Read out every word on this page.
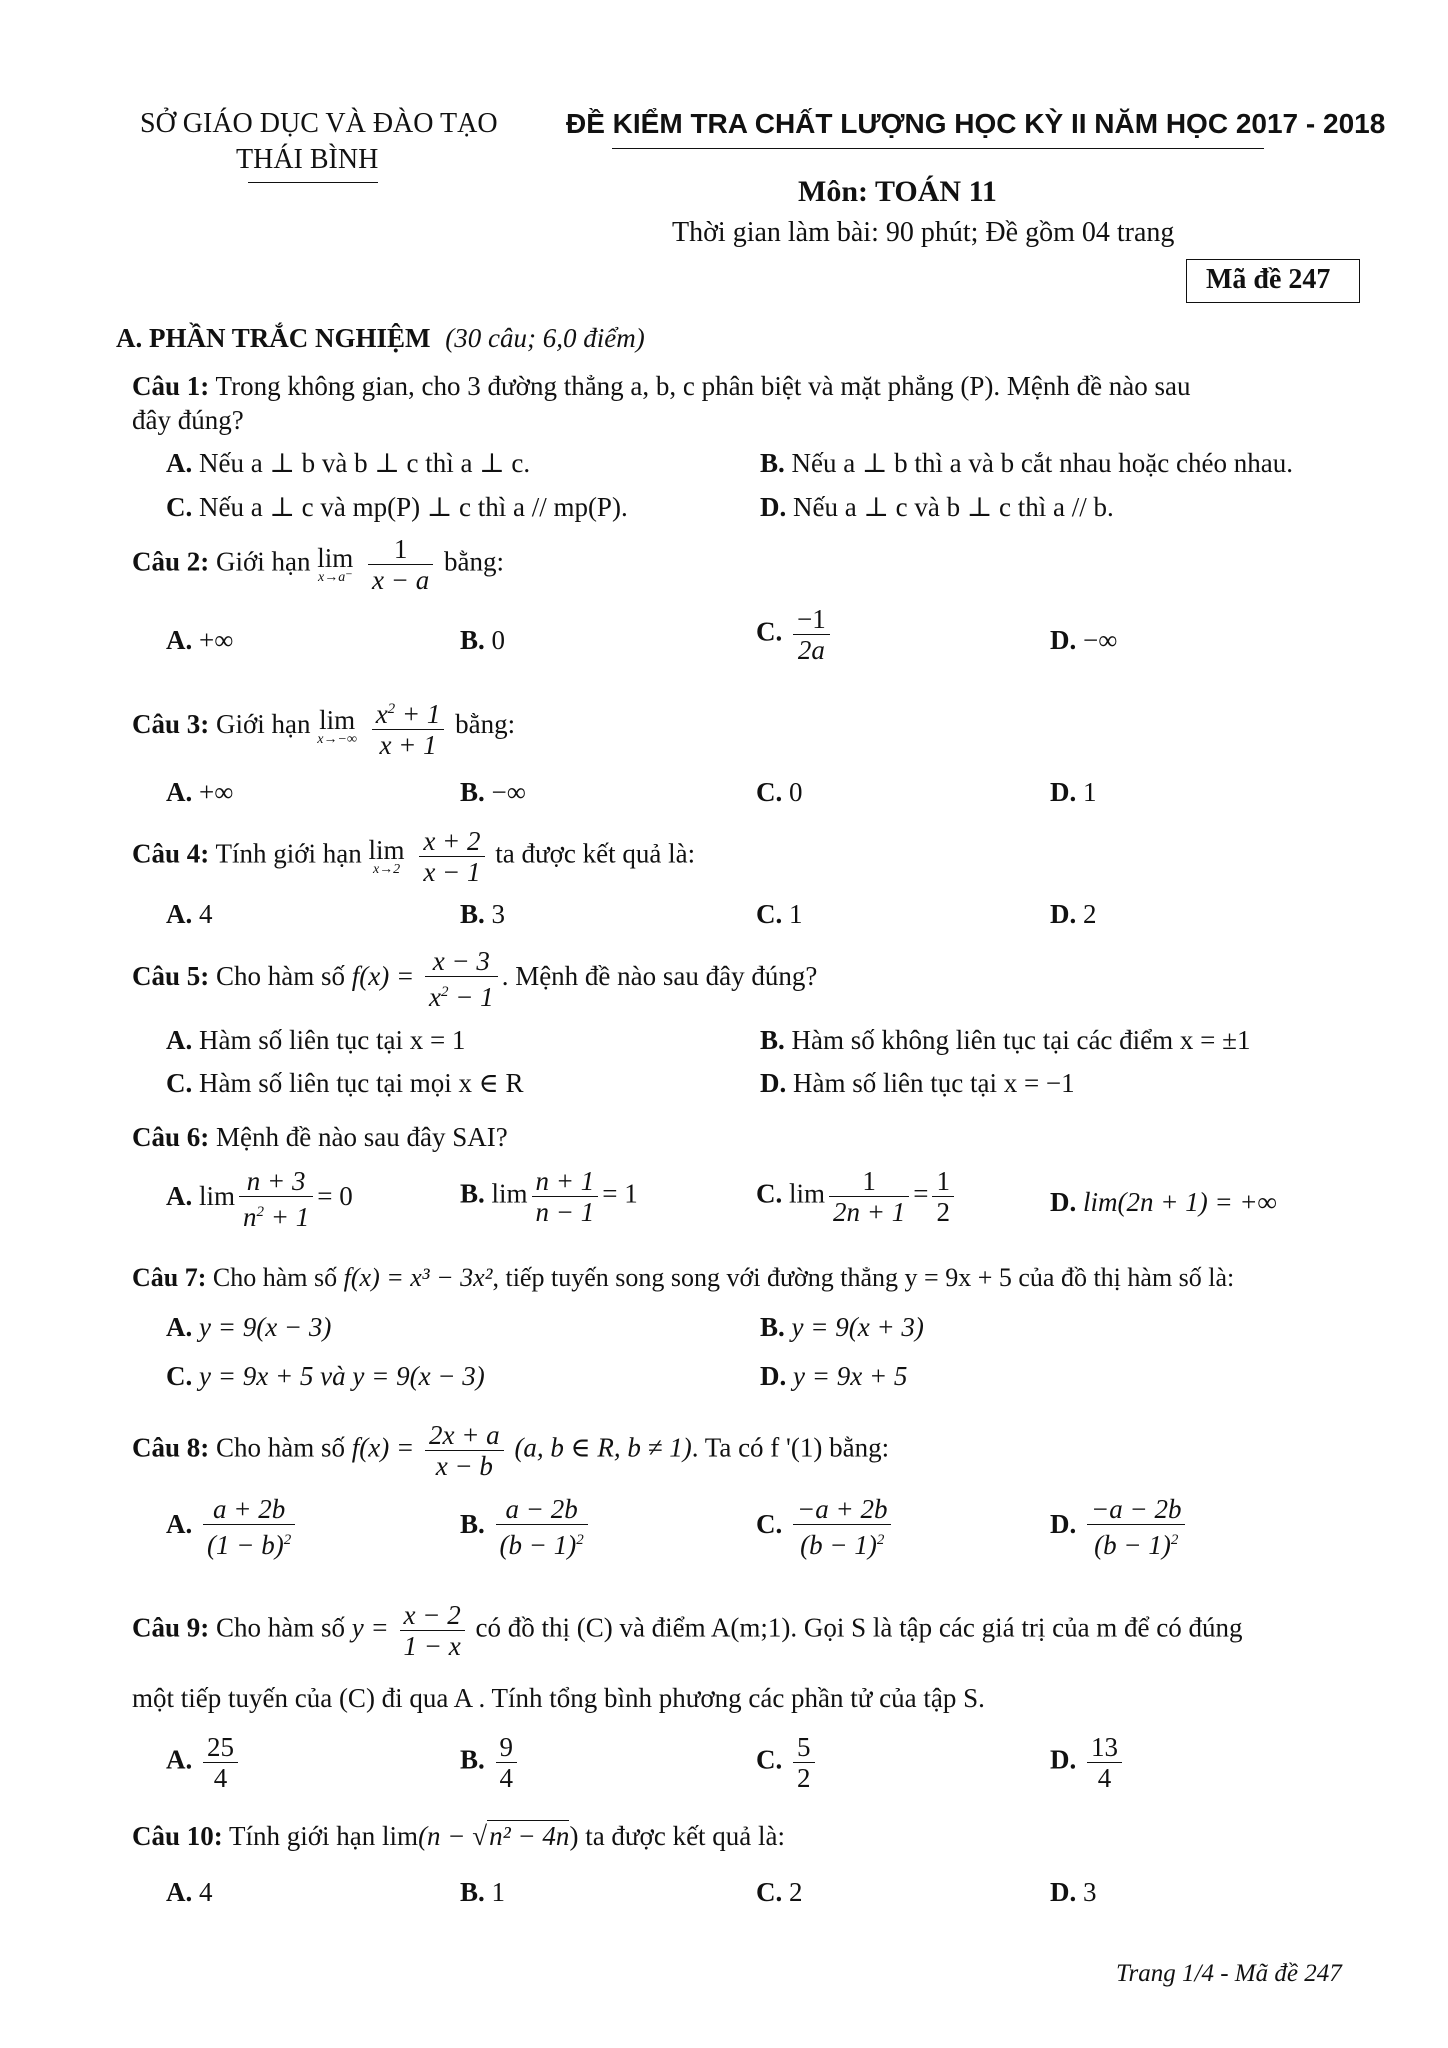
SỞ GIÁO DỤC VÀ ĐÀO TẠO
THÁI BÌNH
ĐỀ KIỂM TRA CHẤT LƯỢNG HỌC KỲ II NĂM HỌC 2017 - 2018
Môn: TOÁN 11
Thời gian làm bài: 90 phút; Đề gồm 04 trang
Mã đề 247
A. PHẦN TRẮC NGHIỆM (30 câu; 6,0 điểm)
Câu 1: Trong không gian, cho 3 đường thẳng a, b, c phân biệt và mặt phẳng (P). Mệnh đề nào sau
đây đúng?
A. Nếu a ⊥ b và b ⊥ c thì a ⊥ c.	B. Nếu a ⊥ b thì a và b cắt nhau hoặc chéo nhau.
C. Nếu a ⊥ c và mp(P) ⊥ c thì a // mp(P).	D. Nếu a ⊥ c và b ⊥ c thì a // b.
Câu 2: Giới hạn lim
x→a⁻
$\frac{1}{x - a}$ bằng:
A. +∞	B. 0	C. $\frac{-1}{2a}$	D. −∞
Câu 3: Giới hạn lim
x→−∞
$\frac{x^2 + 1}{x + 1}$ bằng:
A. +∞	B. −∞	C. 0	D. 1
Câu 4: Tính giới hạn lim
x→2
$\frac{x + 2}{x - 1}$ ta được kết quả là:
A. 4	B. 3	C. 1	D. 2
Câu 5: Cho hàm số $f(x) = \frac{x - 3}{x^2 - 1}$ . Mệnh đề nào sau đây đúng?
A. Hàm số liên tục tại x = 1	B. Hàm số không liên tục tại các điểm x = ±1
C. Hàm số liên tục tại mọi x ∈ R	D. Hàm số liên tục tại x = −1
Câu 6: Mệnh đề nào sau đây SAI?
A. $\lim \frac{n + 3}{n^2 + 1} = 0$	B. $\lim \frac{n + 1}{n - 1} = 1$	C. $\lim \frac{1}{2n + 1} = \frac{1}{2}$	D. lim(2n + 1) = +∞
Câu 7: Cho hàm số f(x) = x³ − 3x², tiếp tuyến song song với đường thẳng y = 9x + 5 của đồ thị hàm số là:
A. y = 9(x − 3)	B. y = 9(x + 3)
C. y = 9x + 5 và y = 9(x − 3)	D. y = 9x + 5
Câu 8: Cho hàm số $f(x) = \frac{2x + a}{x - b} (a$, b ∈ R, b ≠ 1). Ta có f '(1) bằng:
A. $\frac{a + 2b}{(1 - b)^2}$	B. $\frac{a - 2b}{(b - 1)^2}$	C. $\frac{-a + 2b}{(b - 1)^2}$	D. $\frac{-a - 2b}{(b - 1)^2}$
Câu 9: Cho hàm số $y = \frac{x - 2}{1 - x}$ có đồ thị (C) và điểm A(m;1). Gọi S là tập các giá trị của m để có đúng
một tiếp tuyến của (C) đi qua A . Tính tổng bình phương các phần tử của tập S.
A. $\frac{25}{4}$	B. $\frac{9}{4}$	C. $\frac{5}{2}$	D. $\frac{13}{4}$
Câu 10: Tính giới hạn lim(n − √n² − 4n) ta được kết quả là:
A. 4	B. 1	C. 2	D. 3
Trang 1/4 - Mã đề 247
